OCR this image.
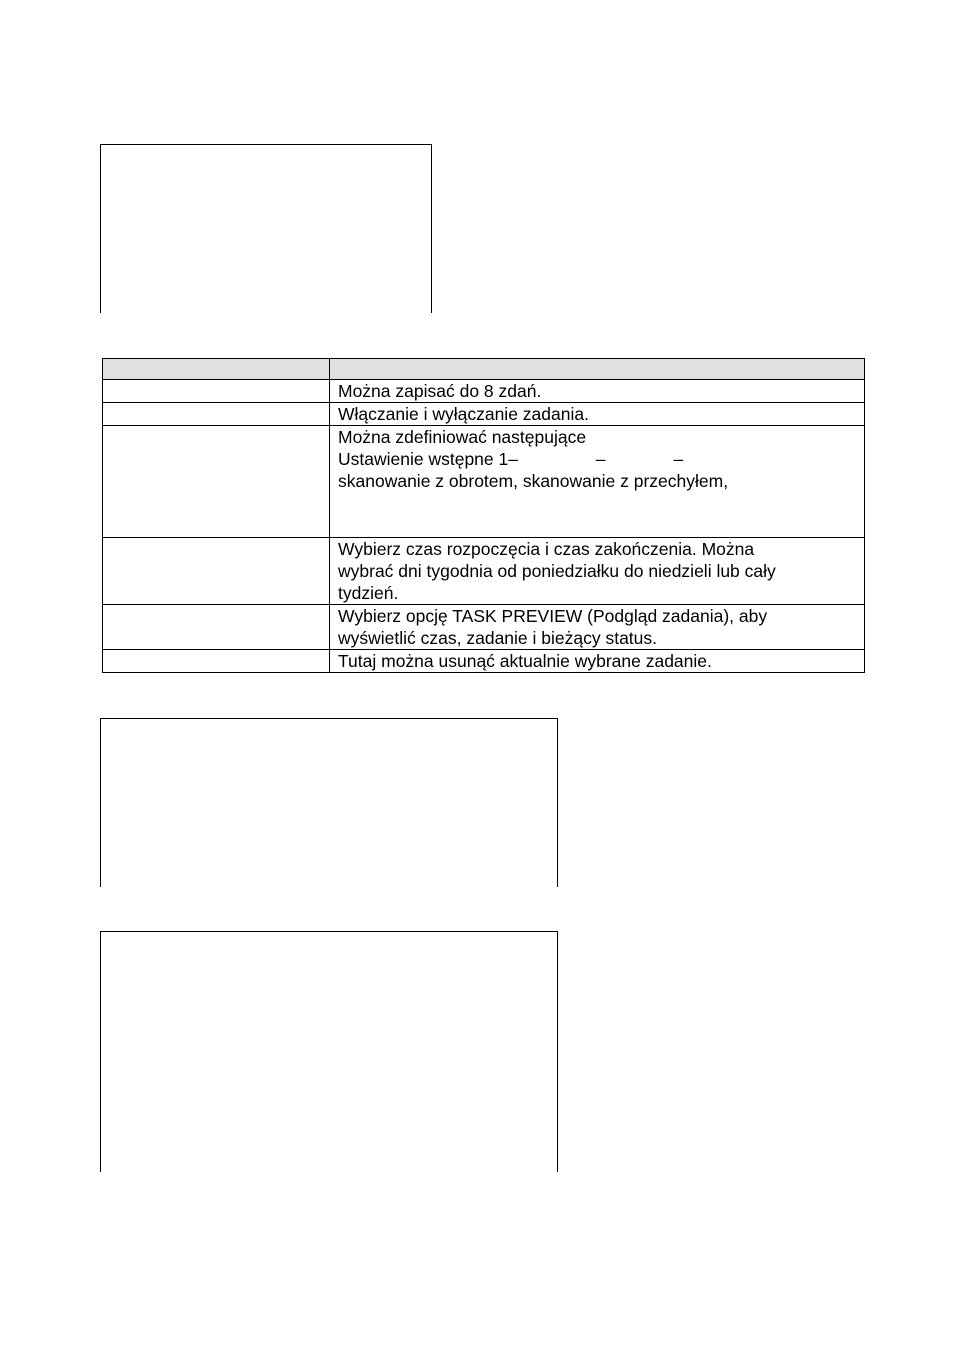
	Można zapisać do 8 zdań.

	Włączanie i wyłączanie zadania.

	Można zdefiniować następujące
Ustawienie wstępne 1–                –              –
skanowanie z obrotem, skanowanie z przechyłem,

	Wybierz czas rozpoczęcia i czas zakończenia. Można
wybrać dni tygodnia od poniedziałku do niedzieli lub cały
tydzień.

	Wybierz opcję TASK PREVIEW (Podgląd zadania), aby
wyświetlić czas, zadanie i bieżący status.

	Tutaj można usunąć aktualnie wybrane zadanie.
